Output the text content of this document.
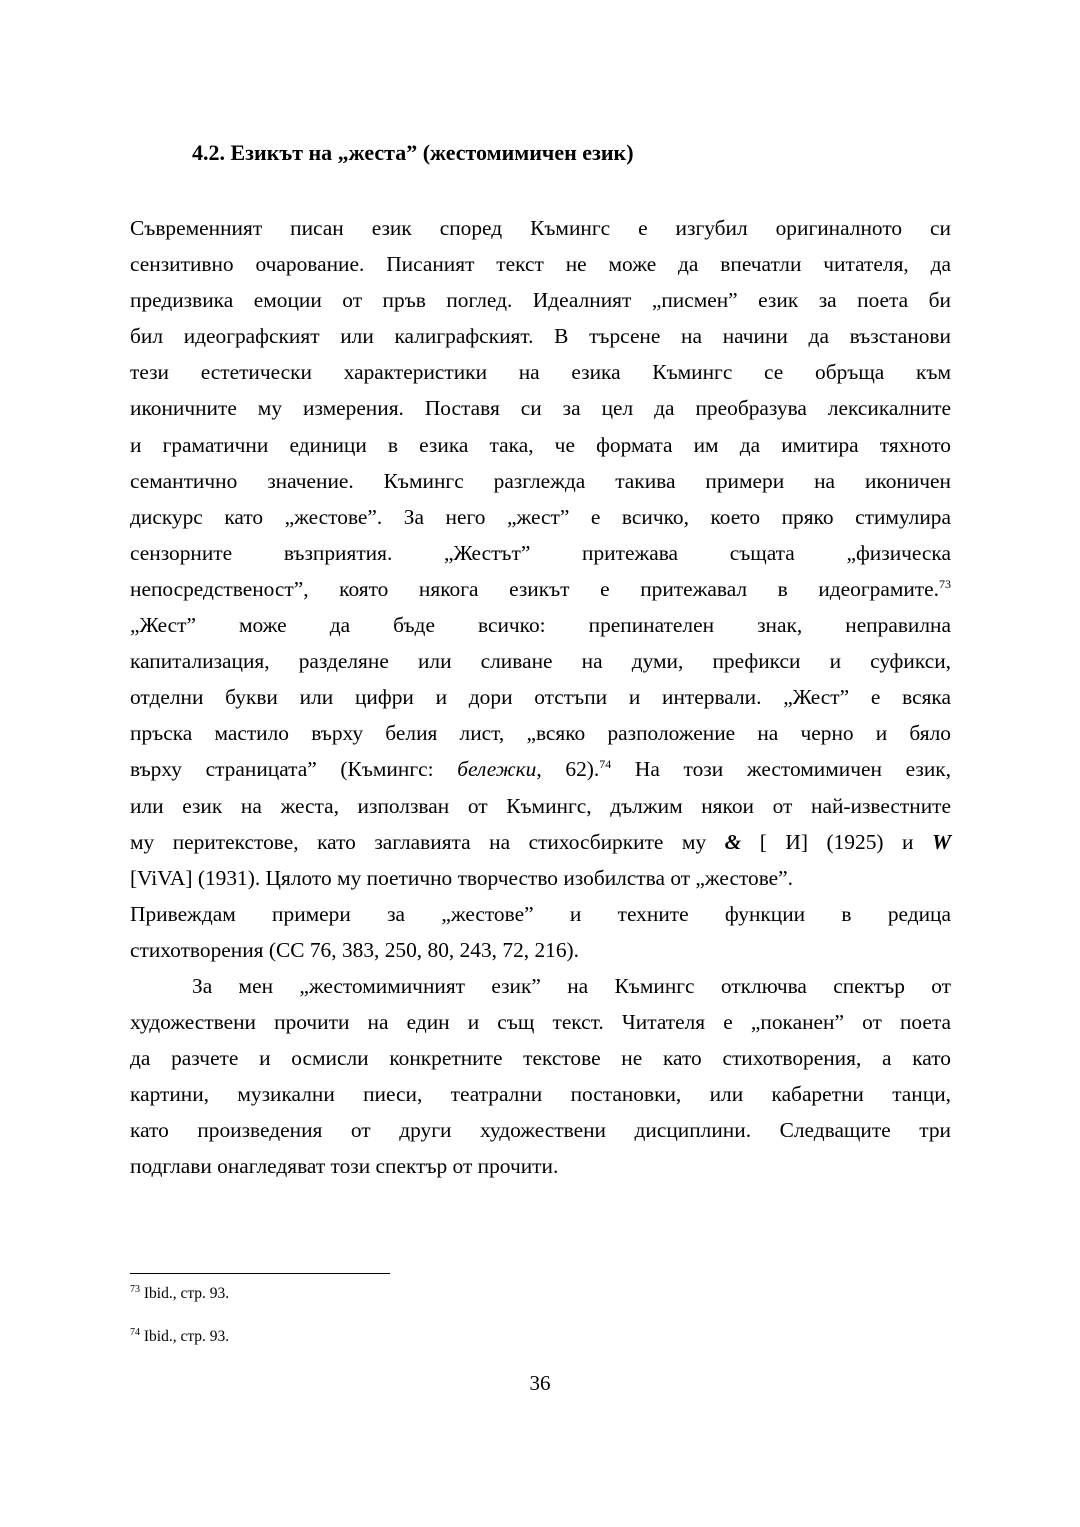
4.2. Езикът на „жеста” (жестомимичен език)
Съвременният писан език според Къмингс е изгубил оригиналното си
сензитивно очарование. Писаният текст не може да впечатли читателя, да
предизвика емоции от пръв поглед. Идеалният „писмен” език за поета би
бил идеографският или калиграфският. В търсене на начини да възстанови
тези естетически характеристики на езика Къмингс се обръща към
иконичните му измерения. Поставя си за цел да преобразува лексикалните
и граматични единици в езика така, че формата им да имитира тяхното
семантично значение. Къмингс разглежда такива примери на иконичен
дискурс като „жестове”. За него „жест” е всичко, което пряко стимулира
сензорните възприятия. „Жестът” притежава същата „физическа
непосредственост”, която някога езикът е притежавал в идеограмите.$^{73}$
„Жест” може да бъде всичко: препинателен знак, неправилна
капитализация, разделяне или сливане на думи, префикси и суфикси,
отделни букви или цифри и дори отстъпи и интервали. „Жест” е всяка
пръска мастило върху белия лист, „всяко разположение на черно и бяло
върху страницата” (Къмингс: бележки, 62).$^{74}$ На този жестомимичен език,
или език на жеста, използван от Къмингс, дължим някои от най-известните
му перитекстове, като заглавията на стихосбирките му & [ И] (1925) и W
[ViVA] (1931). Цялото му поетично творчество изобилства от „жестове”.
Привеждам примери за „жестове” и техните функции в редица
стихотворения (CC 76, 383, 250, 80, 243, 72, 216).
За мен „жестомимичният език” на Къмингс отключва спектър от
художествени прочити на един и същ текст. Читателя е „поканен” от поета
да разчете и осмисли конкретните текстове не като стихотворения, а като
картини, музикални пиеси, театрални постановки, или кабаретни танци,
като произведения от други художествени дисциплини. Следващите три
подглави онагледяват този спектър от прочити.
$^{73}$ Ibid., стр. 93.
$^{74}$ Ibid., стр. 93.
36
